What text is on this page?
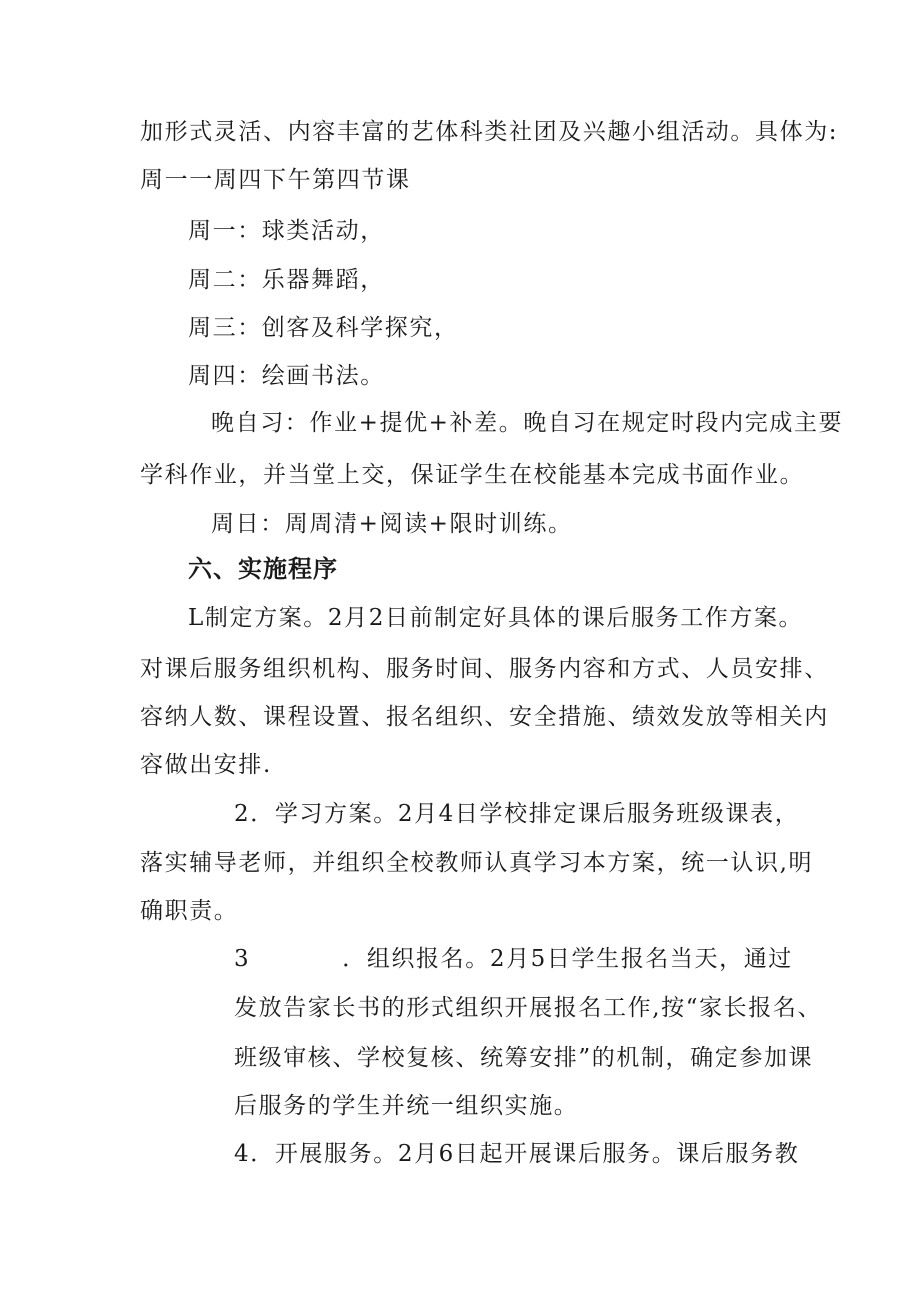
加形式灵活、内容丰富的艺体科类社团及兴趣小组活动。具体为:
周一一周四下午第四节课
周一：球类活动，
周二：乐器舞蹈，
周三：创客及科学探究，
周四：绘画书法。
晚自习：作业+提优+补差。晚自习在规定时段内完成主要
学科作业，并当堂上交，保证学生在校能基本完成书面作业。
周日：周周清+阅读+限时训练。
六、实施程序
L制定方案。2月2日前制定好具体的课后服务工作方案。
对课后服务组织机构、服务时间、服务内容和方式、人员安排、
容纳人数、课程设置、报名组织、安全措施、绩效发放等相关内
容做出安排.
2．学习方案。2月4日学校排定课后服务班级课表，
落实辅导老师，并组织全校教师认真学习本方案，统一认识,明
确职责。
3	．组织报名。2月5日学生报名当天，通过
发放告家长书的形式组织开展报名工作,按“家长报名、
班级审核、学校复核、统筹安排”的机制，确定参加课
后服务的学生并统一组织实施。
4．开展服务。2月6日起开展课后服务。课后服务教
